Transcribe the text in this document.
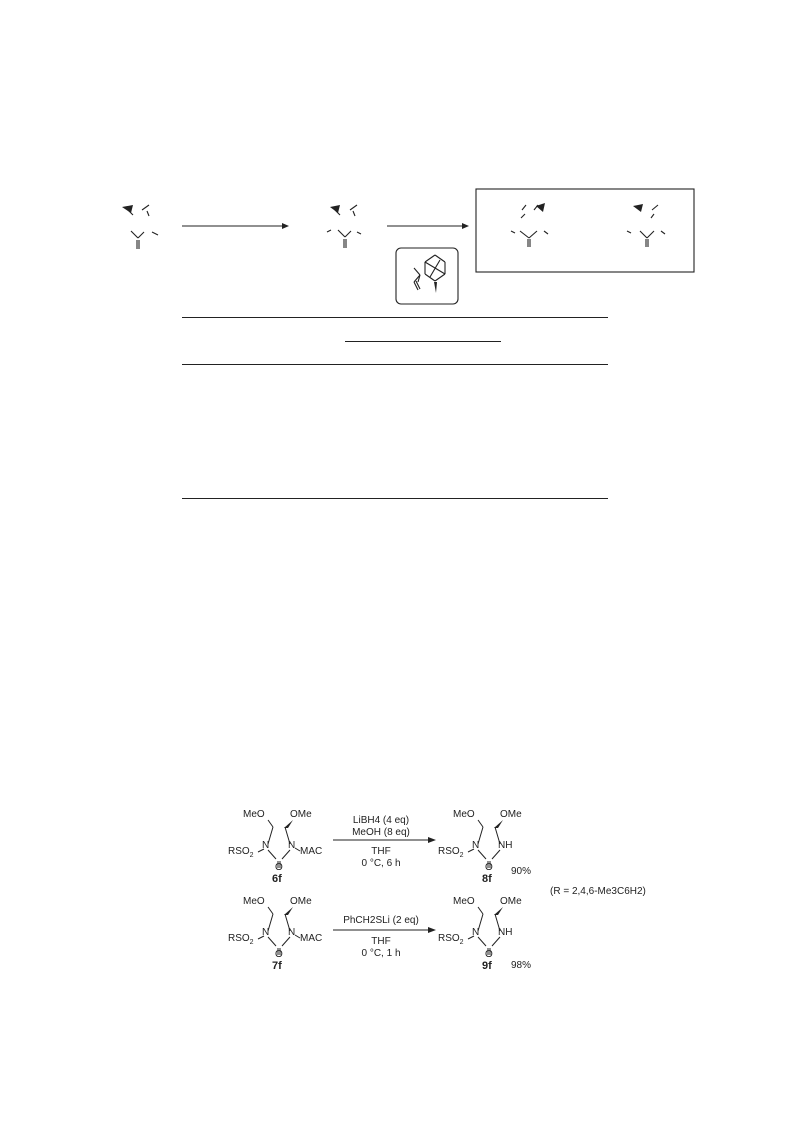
MeO	OMe
$RSO_2$
N N
MAC
O
6f
LiBH4 (4 eq)
MeOH (8 eq)
THF
0 °C, 6 h
MeO	OMe
$RSO_2$
N NH
O
8f
90%
(R = 2,4,6-Me3C6H2)
MeO	OMe
$RSO_2$
N N
MAC
O
7f
PhCH2SLi (2 eq)
THF
0 °C, 1 h
MeO	OMe
$RSO_2$
N NH
O
9f 98%
